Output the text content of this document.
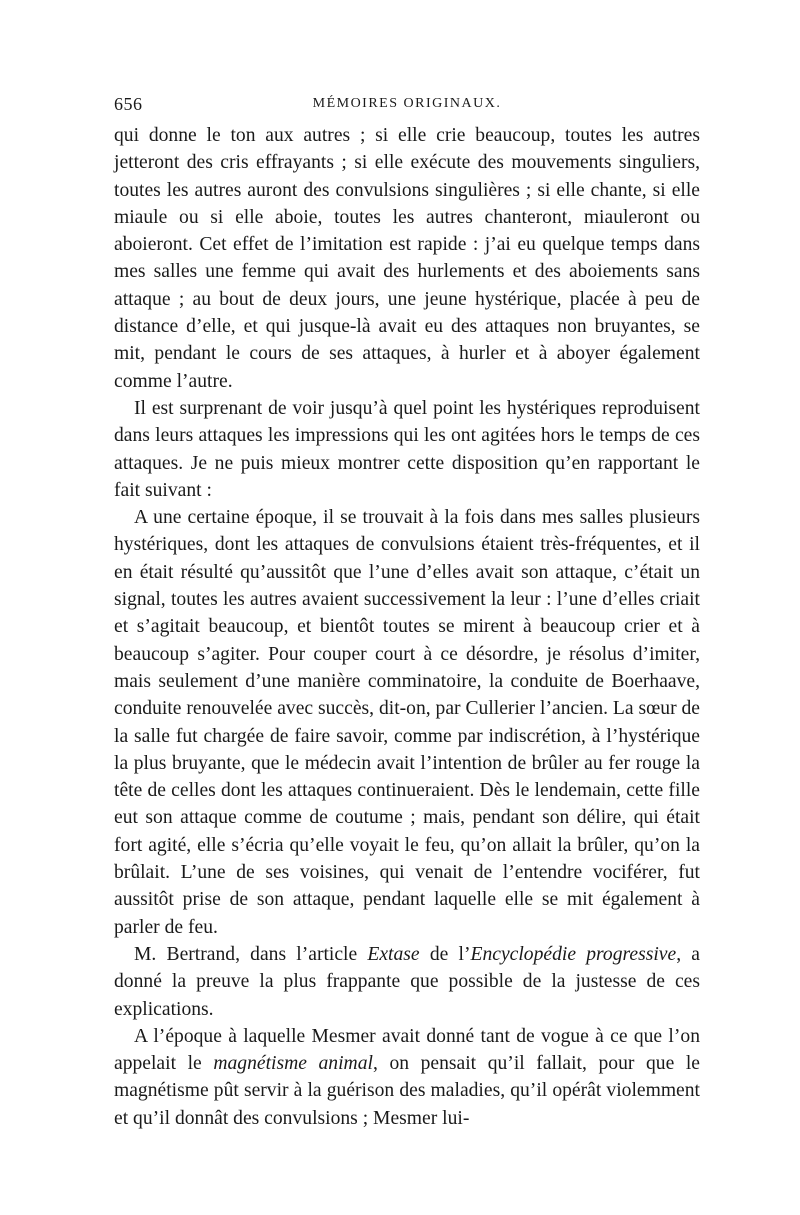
656	MÉMOIRES ORIGINAUX.

qui donne le ton aux autres ; si elle crie beaucoup, toutes les autres jetteront des cris effrayants ; si elle exécute des mouvements singuliers, toutes les autres auront des convulsions singulières ; si elle chante, si elle miaule ou si elle aboie, toutes les autres chanteront, miauleront ou aboieront. Cet effet de l’imitation est rapide : j’ai eu quelque temps dans mes salles une femme qui avait des hurlements et des aboiements sans attaque ; au bout de deux jours, une jeune hystérique, placée à peu de distance d’elle, et qui jusque-là avait eu des attaques non bruyantes, se mit, pendant le cours de ses attaques, à hurler et à aboyer également comme l’autre.

Il est surprenant de voir jusqu’à quel point les hystériques reproduisent dans leurs attaques les impressions qui les ont agitées hors le temps de ces attaques. Je ne puis mieux montrer cette disposition qu’en rapportant le fait suivant :

A une certaine époque, il se trouvait à la fois dans mes salles plusieurs hystériques, dont les attaques de convulsions étaient très-fréquentes, et il en était résulté qu’aussitôt que l’une d’elles avait son attaque, c’était un signal, toutes les autres avaient successivement la leur : l’une d’elles criait et s’agitait beaucoup, et bientôt toutes se mirent à beaucoup crier et à beaucoup s’agiter. Pour couper court à ce désordre, je résolus d’imiter, mais seulement d’une manière comminatoire, la conduite de Boerhaave, conduite renouvelée avec succès, dit-on, par Cullerier l’ancien. La sœur de la salle fut chargée de faire savoir, comme par indiscrétion, à l’hystérique la plus bruyante, que le médecin avait l’intention de brûler au fer rouge la tête de celles dont les attaques continueraient. Dès le lendemain, cette fille eut son attaque comme de coutume ; mais, pendant son délire, qui était fort agité, elle s’écria qu’elle voyait le feu, qu’on allait la brûler, qu’on la brûlait. L’une de ses voisines, qui venait de l’entendre vociférer, fut aussitôt prise de son attaque, pendant laquelle elle se mit également à parler de feu.

M. Bertrand, dans l’article Extase de l’Encyclopédie progressive, a donné la preuve la plus frappante que possible de la justesse de ces explications.

A l’époque à laquelle Mesmer avait donné tant de vogue à ce que l’on appelait le magnétisme animal, on pensait qu’il fallait, pour que le magnétisme pût servir à la guérison des maladies, qu’il opérât violemment et qu’il donnât des convulsions ; Mesmer lui-
